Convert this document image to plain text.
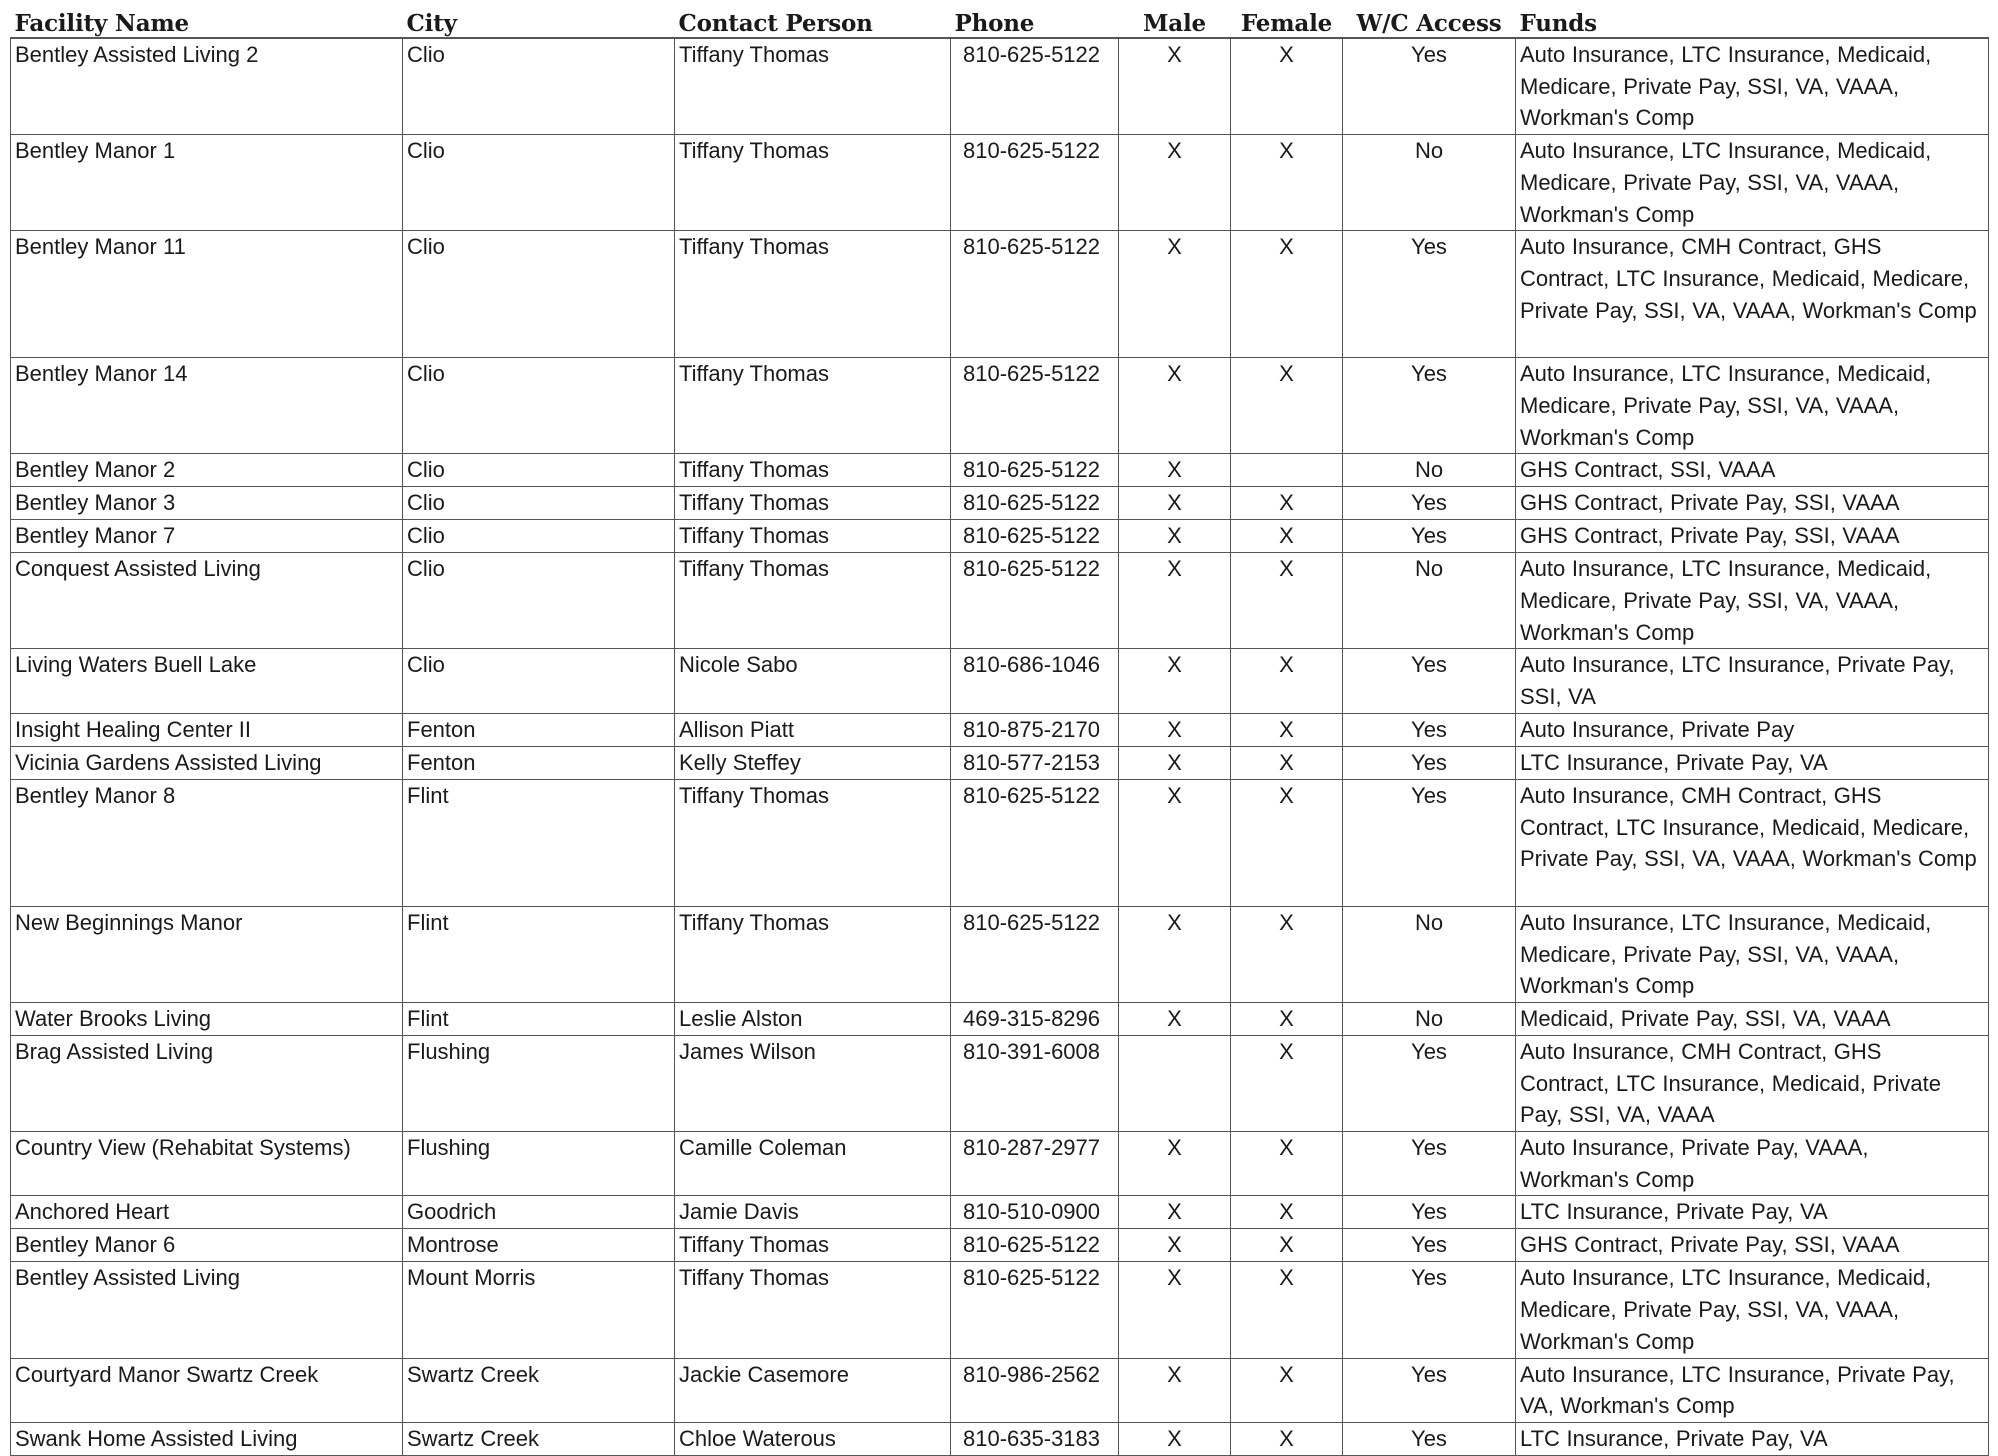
Facility Name	City	Contact Person	Phone	Male	Female	W/C Access	Funds
Bentley Assisted Living 2	Clio	Tiffany Thomas	810-625-5122	X	X	Yes	Auto Insurance, LTC Insurance, Medicaid,
Medicare, Private Pay, SSI, VA, VAAA,
Workman's Comp

Bentley Manor 1	Clio	Tiffany Thomas	810-625-5122	X	X	No	Auto Insurance, LTC Insurance, Medicaid,
Medicare, Private Pay, SSI, VA, VAAA,
Workman's Comp

Bentley Manor 11	Clio	Tiffany Thomas	810-625-5122	X	X	Yes	Auto Insurance, CMH Contract, GHS
Contract, LTC Insurance, Medicaid, Medicare,
Private Pay, SSI, VA, VAAA, Workman's Comp

Bentley Manor 14	Clio	Tiffany Thomas	810-625-5122	X	X	Yes	Auto Insurance, LTC Insurance, Medicaid,
Medicare, Private Pay, SSI, VA, VAAA,
Workman's Comp

Bentley Manor 2	Clio	Tiffany Thomas	810-625-5122	X		No	GHS Contract, SSI, VAAA

Bentley Manor 3	Clio	Tiffany Thomas	810-625-5122	X	X	Yes	GHS Contract, Private Pay, SSI, VAAA

Bentley Manor 7	Clio	Tiffany Thomas	810-625-5122	X	X	Yes	GHS Contract, Private Pay, SSI, VAAA

Conquest Assisted Living	Clio	Tiffany Thomas	810-625-5122	X	X	No	Auto Insurance, LTC Insurance, Medicaid,
Medicare, Private Pay, SSI, VA, VAAA,
Workman's Comp

Living Waters Buell Lake	Clio	Nicole Sabo	810-686-1046	X	X	Yes	Auto Insurance, LTC Insurance, Private Pay,
SSI, VA

Insight Healing Center II	Fenton	Allison Piatt	810-875-2170	X	X	Yes	Auto Insurance, Private Pay

Vicinia Gardens Assisted Living	Fenton	Kelly Steffey	810-577-2153	X	X	Yes	LTC Insurance, Private Pay, VA

Bentley Manor 8	Flint	Tiffany Thomas	810-625-5122	X	X	Yes	Auto Insurance, CMH Contract, GHS
Contract, LTC Insurance, Medicaid, Medicare,
Private Pay, SSI, VA, VAAA, Workman's Comp

New Beginnings Manor	Flint	Tiffany Thomas	810-625-5122	X	X	No	Auto Insurance, LTC Insurance, Medicaid,
Medicare, Private Pay, SSI, VA, VAAA,
Workman's Comp

Water Brooks Living	Flint	Leslie Alston	469-315-8296	X	X	No	Medicaid, Private Pay, SSI, VA, VAAA

Brag Assisted Living	Flushing	James Wilson	810-391-6008		X	Yes	Auto Insurance, CMH Contract, GHS
Contract, LTC Insurance, Medicaid, Private
Pay, SSI, VA, VAAA

Country View (Rehabitat Systems)	Flushing	Camille Coleman	810-287-2977	X	X	Yes	Auto Insurance, Private Pay, VAAA,
Workman's Comp

Anchored Heart	Goodrich	Jamie Davis	810-510-0900	X	X	Yes	LTC Insurance, Private Pay, VA

Bentley Manor 6	Montrose	Tiffany Thomas	810-625-5122	X	X	Yes	GHS Contract, Private Pay, SSI, VAAA

Bentley Assisted Living	Mount Morris	Tiffany Thomas	810-625-5122	X	X	Yes	Auto Insurance, LTC Insurance, Medicaid,
Medicare, Private Pay, SSI, VA, VAAA,
Workman's Comp

Courtyard Manor Swartz Creek	Swartz Creek	Jackie Casemore	810-986-2562	X	X	Yes	Auto Insurance, LTC Insurance, Private Pay,
VA, Workman's Comp

Swank Home Assisted Living	Swartz Creek	Chloe Waterous	810-635-3183	X	X	Yes	LTC Insurance, Private Pay, VA
